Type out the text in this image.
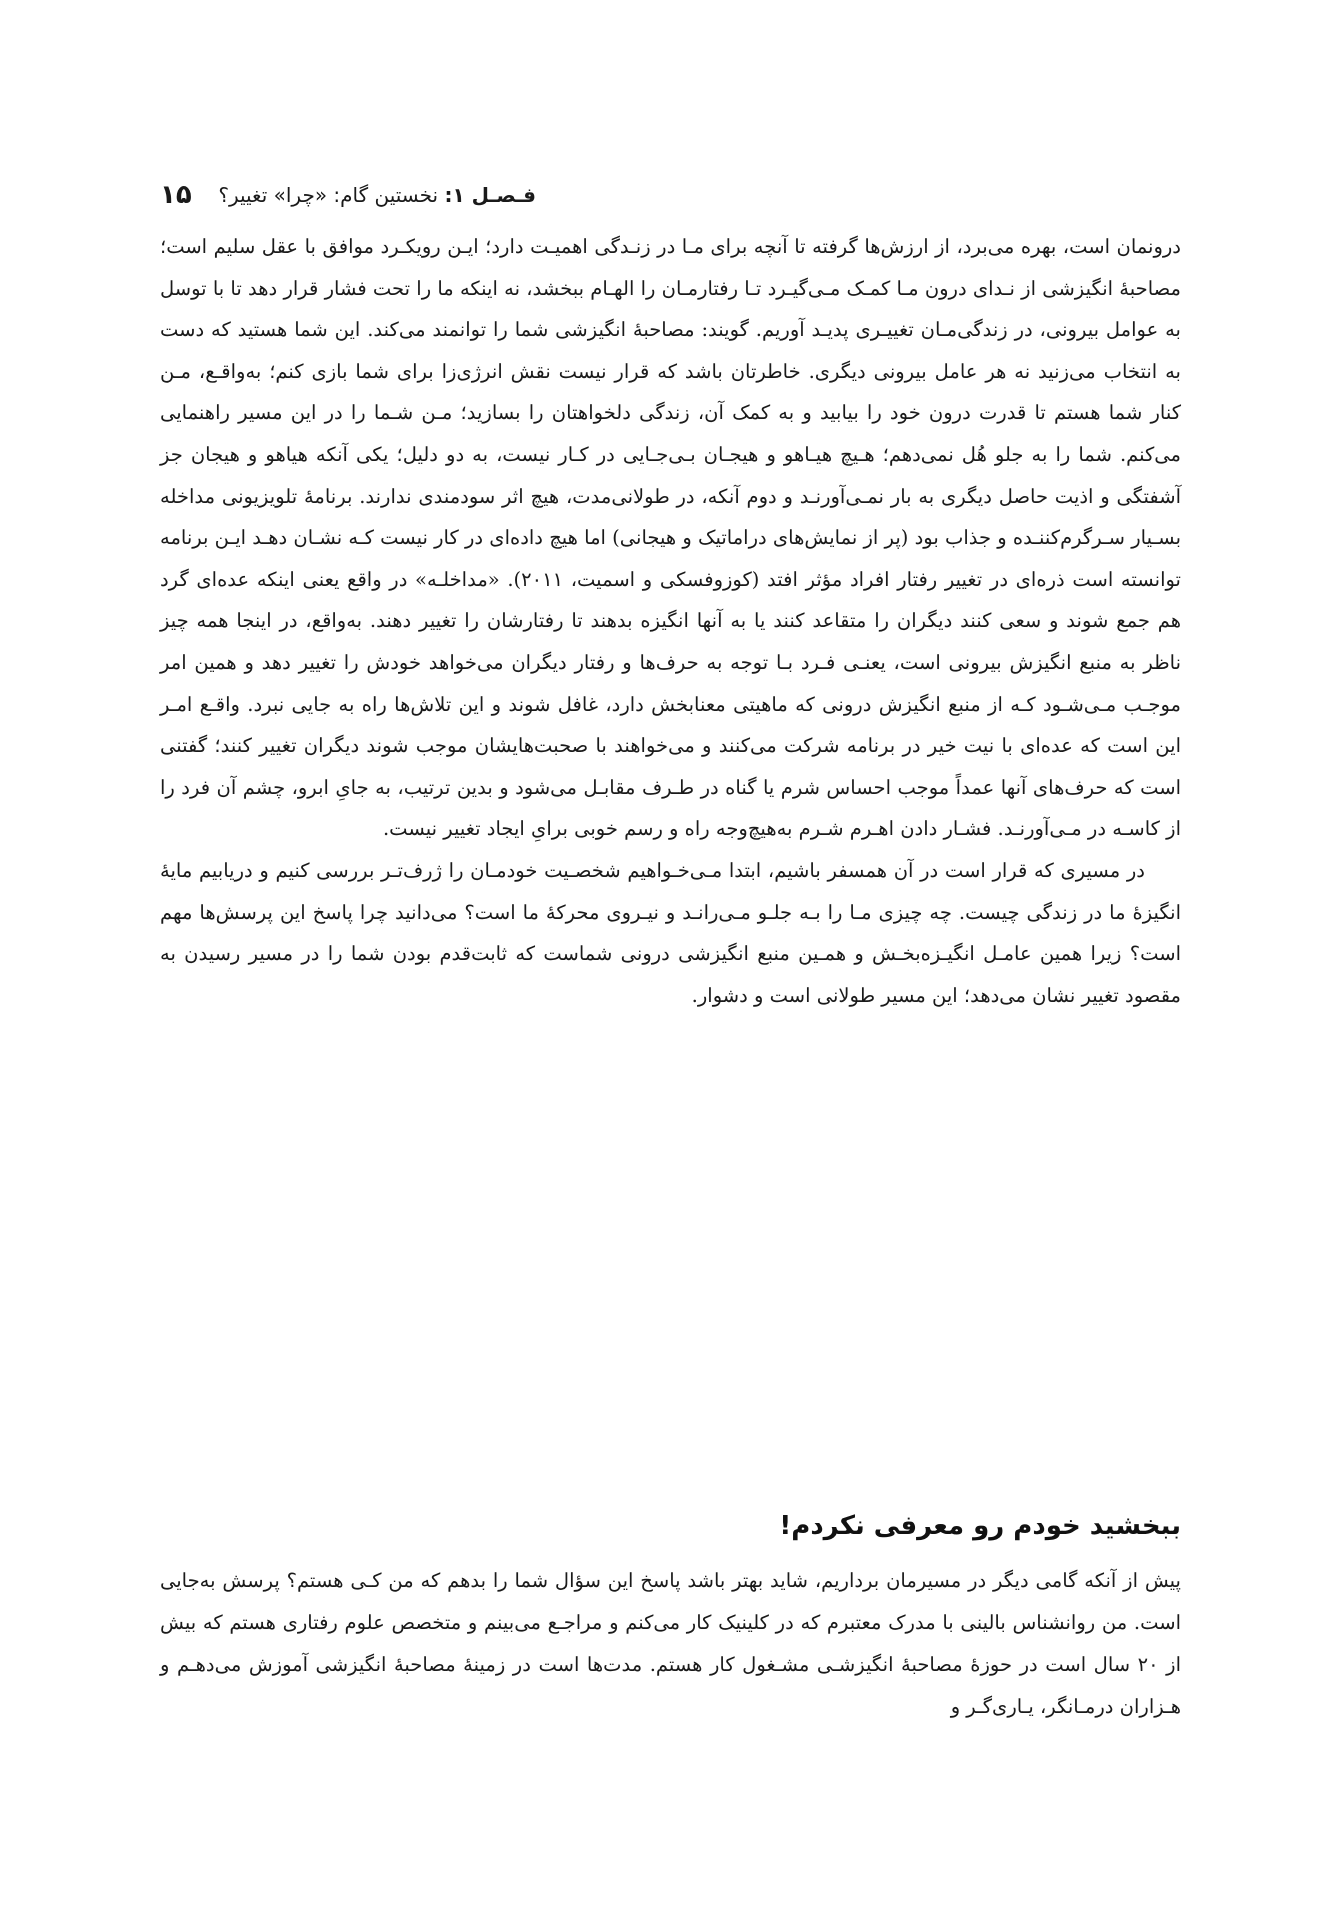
فـصـل ۱: نخستین گام: «چرا» تغییر؟
۱۵

درونمان است، بهره می‌برد، از ارزش‌ها گرفته تا آنچه برای مـا در زنـدگی اهمیـت دارد؛ ایـن رویکـرد موافق با عقل سلیم است؛ مصاحبهٔ انگیزشی از نـدای درون مـا کمـک مـی‌گیـرد تـا رفتارمـان را الهـام ببخشد، نه اینکه ما را تحت فشار قرار دهد تا با توسل به عوامل بیرونی، در زندگی‌مـان تغییـری پدیـد آوریم. گویند: مصاحبهٔ انگیزشی شما را توانمند می‌کند. این شما هستید که دست به انتخاب می‌زنید نه هر عامل بیرونی دیگری. خاطرتان باشد که قرار نیست نقش انرژی‌زا برای شما بازی کنم؛ به‌واقـع، مـن کنار شما هستم تا قدرت درون خود را بیابید و به کمک آن، زندگی دلخواهتان را بسازید؛ مـن شـما را در این مسیر راهنمایی می‌کنم. شما را به جلو هُل نمی‌دهم؛ هـیچ هیـاهو و هیجـان بـی‌جـایی در کـار نیست، به دو دلیل؛ یکی آنکه هیاهو و هیجان جز آشفتگی و اذیت حاصل دیگری به بار نمـی‌آورنـد و دوم آنکه، در طولانی‌مدت، هیچ اثر سودمندی ندارند. برنامهٔ تلویزیونی مداخله بسـیار سـرگرم‌کننـده و جذاب بود (پر از نمایش‌های دراماتیک و هیجانی) اما هیچ داده‌ای در کار نیست کـه نشـان دهـد ایـن برنامه توانسته است ذره‌ای در تغییر رفتار افراد مؤثر افتد (کوزوفسکی و اسمیت، ۲۰۱۱). «مداخلـه» در واقع یعنی اینکه عده‌ای گرد هم جمع شوند و سعی کنند دیگران را متقاعد کنند یا به آنها انگیزه بدهند تا رفتارشان را تغییر دهند. به‌واقع، در اینجا همه چیز ناظر به منبع انگیزش بیرونی است، یعنـی فـرد بـا توجه به حرف‌ها و رفتار دیگران می‌خواهد خودش را تغییر دهد و همین امر موجـب مـی‌شـود کـه از منبع انگیزش درونی که ماهیتی معنابخش دارد، غافل شوند و این تلاش‌ها راه به جایی نبرد. واقـع امـر این است که عده‌ای با نیت خیر در برنامه شرکت می‌کنند و می‌خواهند با صحبت‌هایشان موجب شوند دیگران تغییر کنند؛ گفتنی است که حرف‌های آنها عمداً موجب احساس شرم یا گناه در طـرف مقابـل می‌شود و بدین ترتیب، به جایِ ابرو، چشم آن فرد را از کاسـه در مـی‌آورنـد. فشـار دادن اهـرم شـرم به‌هیچ‌وجه راه و رسم خوبی برایِ ایجاد تغییر نیست.

در مسیری که قرار است در آن همسفر باشیم، ابتدا مـی‌خـواهیم شخصـیت خودمـان را ژرف‌تـر بررسی کنیم و دریابیم مایهٔ انگیزهٔ ما در زندگی چیست. چه چیزی مـا را بـه جلـو مـی‌رانـد و نیـروی محرکهٔ ما است؟ می‌دانید چرا پاسخ این پرسش‌ها مهم است؟ زیرا همین عامـل انگیـزه‌بخـش و همـین منبع انگیزشی درونی شماست که ثابت‌قدم بودن شما را در مسیر رسیدن به مقصود تغییر نشان می‌دهد؛ این مسیر طولانی است و دشوار.

ببخشید خودم رو معرفی نکردم!

پیش از آنکه گامی دیگر در مسیرمان برداریم، شاید بهتر باشد پاسخ این سؤال شما را بدهم که من کـی هستم؟ پرسش به‌جایی است. من روانشناس بالینی با مدرک معتبرم که در کلینیک کار می‌کنم و مراجـع می‌بینم و متخصص علوم رفتاری هستم که بیش از ۲۰ سال است در حوزهٔ مصاحبهٔ انگیزشـی مشـغول کار هستم. مدت‌ها است در زمینهٔ مصاحبهٔ انگیزشی آموزش می‌دهـم و هـزاران درمـانگر، یـاری‌گـر و
